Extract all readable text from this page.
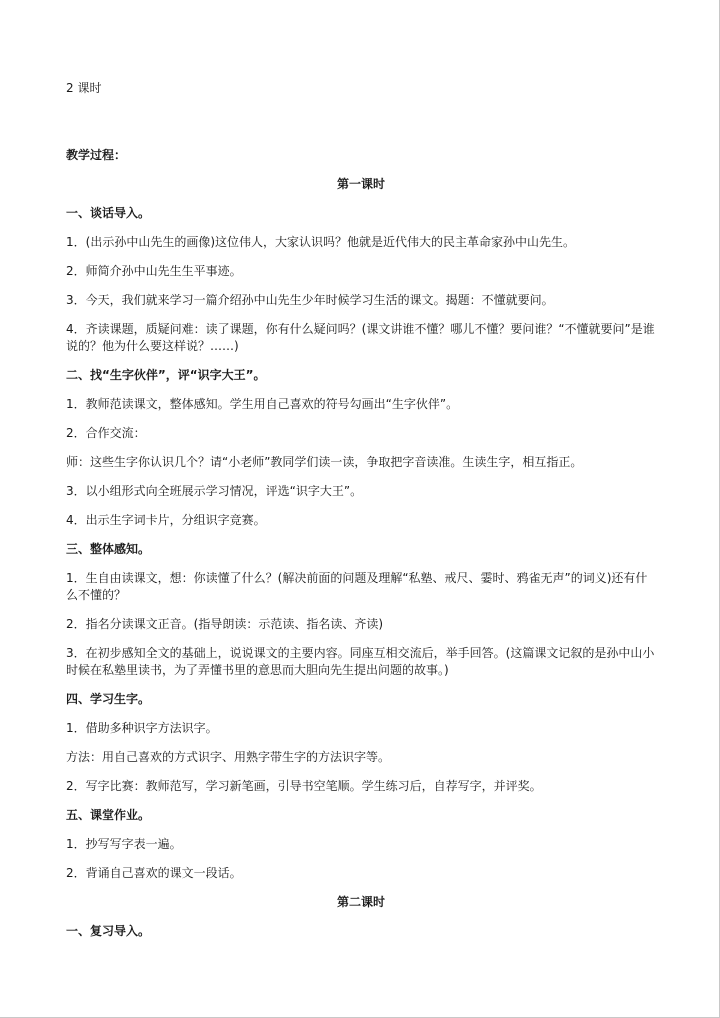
2 课时
教学过程：
第一课时
一、谈话导入。
1．(出示孙中山先生的画像)这位伟人，大家认识吗？他就是近代伟大的民主革命家孙中山先生。
2．师简介孙中山先生生平事迹。
3．今天，我们就来学习一篇介绍孙中山先生少年时候学习生活的课文。揭题：不懂就要问。
4．齐读课题，质疑问难：读了课题，你有什么疑问吗？(课文讲谁不懂？哪儿不懂？要问谁？“不懂就要问”是谁说的？他为什么要这样说？……)
二、找“生字伙伴”，评“识字大王”。
1．教师范读课文，整体感知。学生用自己喜欢的符号勾画出“生字伙伴”。
2．合作交流：
师：这些生字你认识几个？请“小老师”教同学们读一读，争取把字音读准。生读生字，相互指正。
3．以小组形式向全班展示学习情况，评选“识字大王”。
4．出示生字词卡片，分组识字竞赛。
三、整体感知。
1．生自由读课文，想：你读懂了什么？(解决前面的问题及理解“私塾、戒尺、霎时、鸦雀无声”的词义)还有什么不懂的？
2．指名分读课文正音。(指导朗读：示范读、指名读、齐读)
3．在初步感知全文的基础上，说说课文的主要内容。同座互相交流后，举手回答。(这篇课文记叙的是孙中山小时候在私塾里读书，为了弄懂书里的意思而大胆向先生提出问题的故事。)
四、学习生字。
1．借助多种识字方法识字。
方法：用自己喜欢的方式识字、用熟字带生字的方法识字等。
2．写字比赛：教师范写，学习新笔画，引导书空笔顺。学生练习后，自荐写字，并评奖。
五、课堂作业。
1．抄写写字表一遍。
2．背诵自己喜欢的课文一段话。
第二课时
一、复习导入。
